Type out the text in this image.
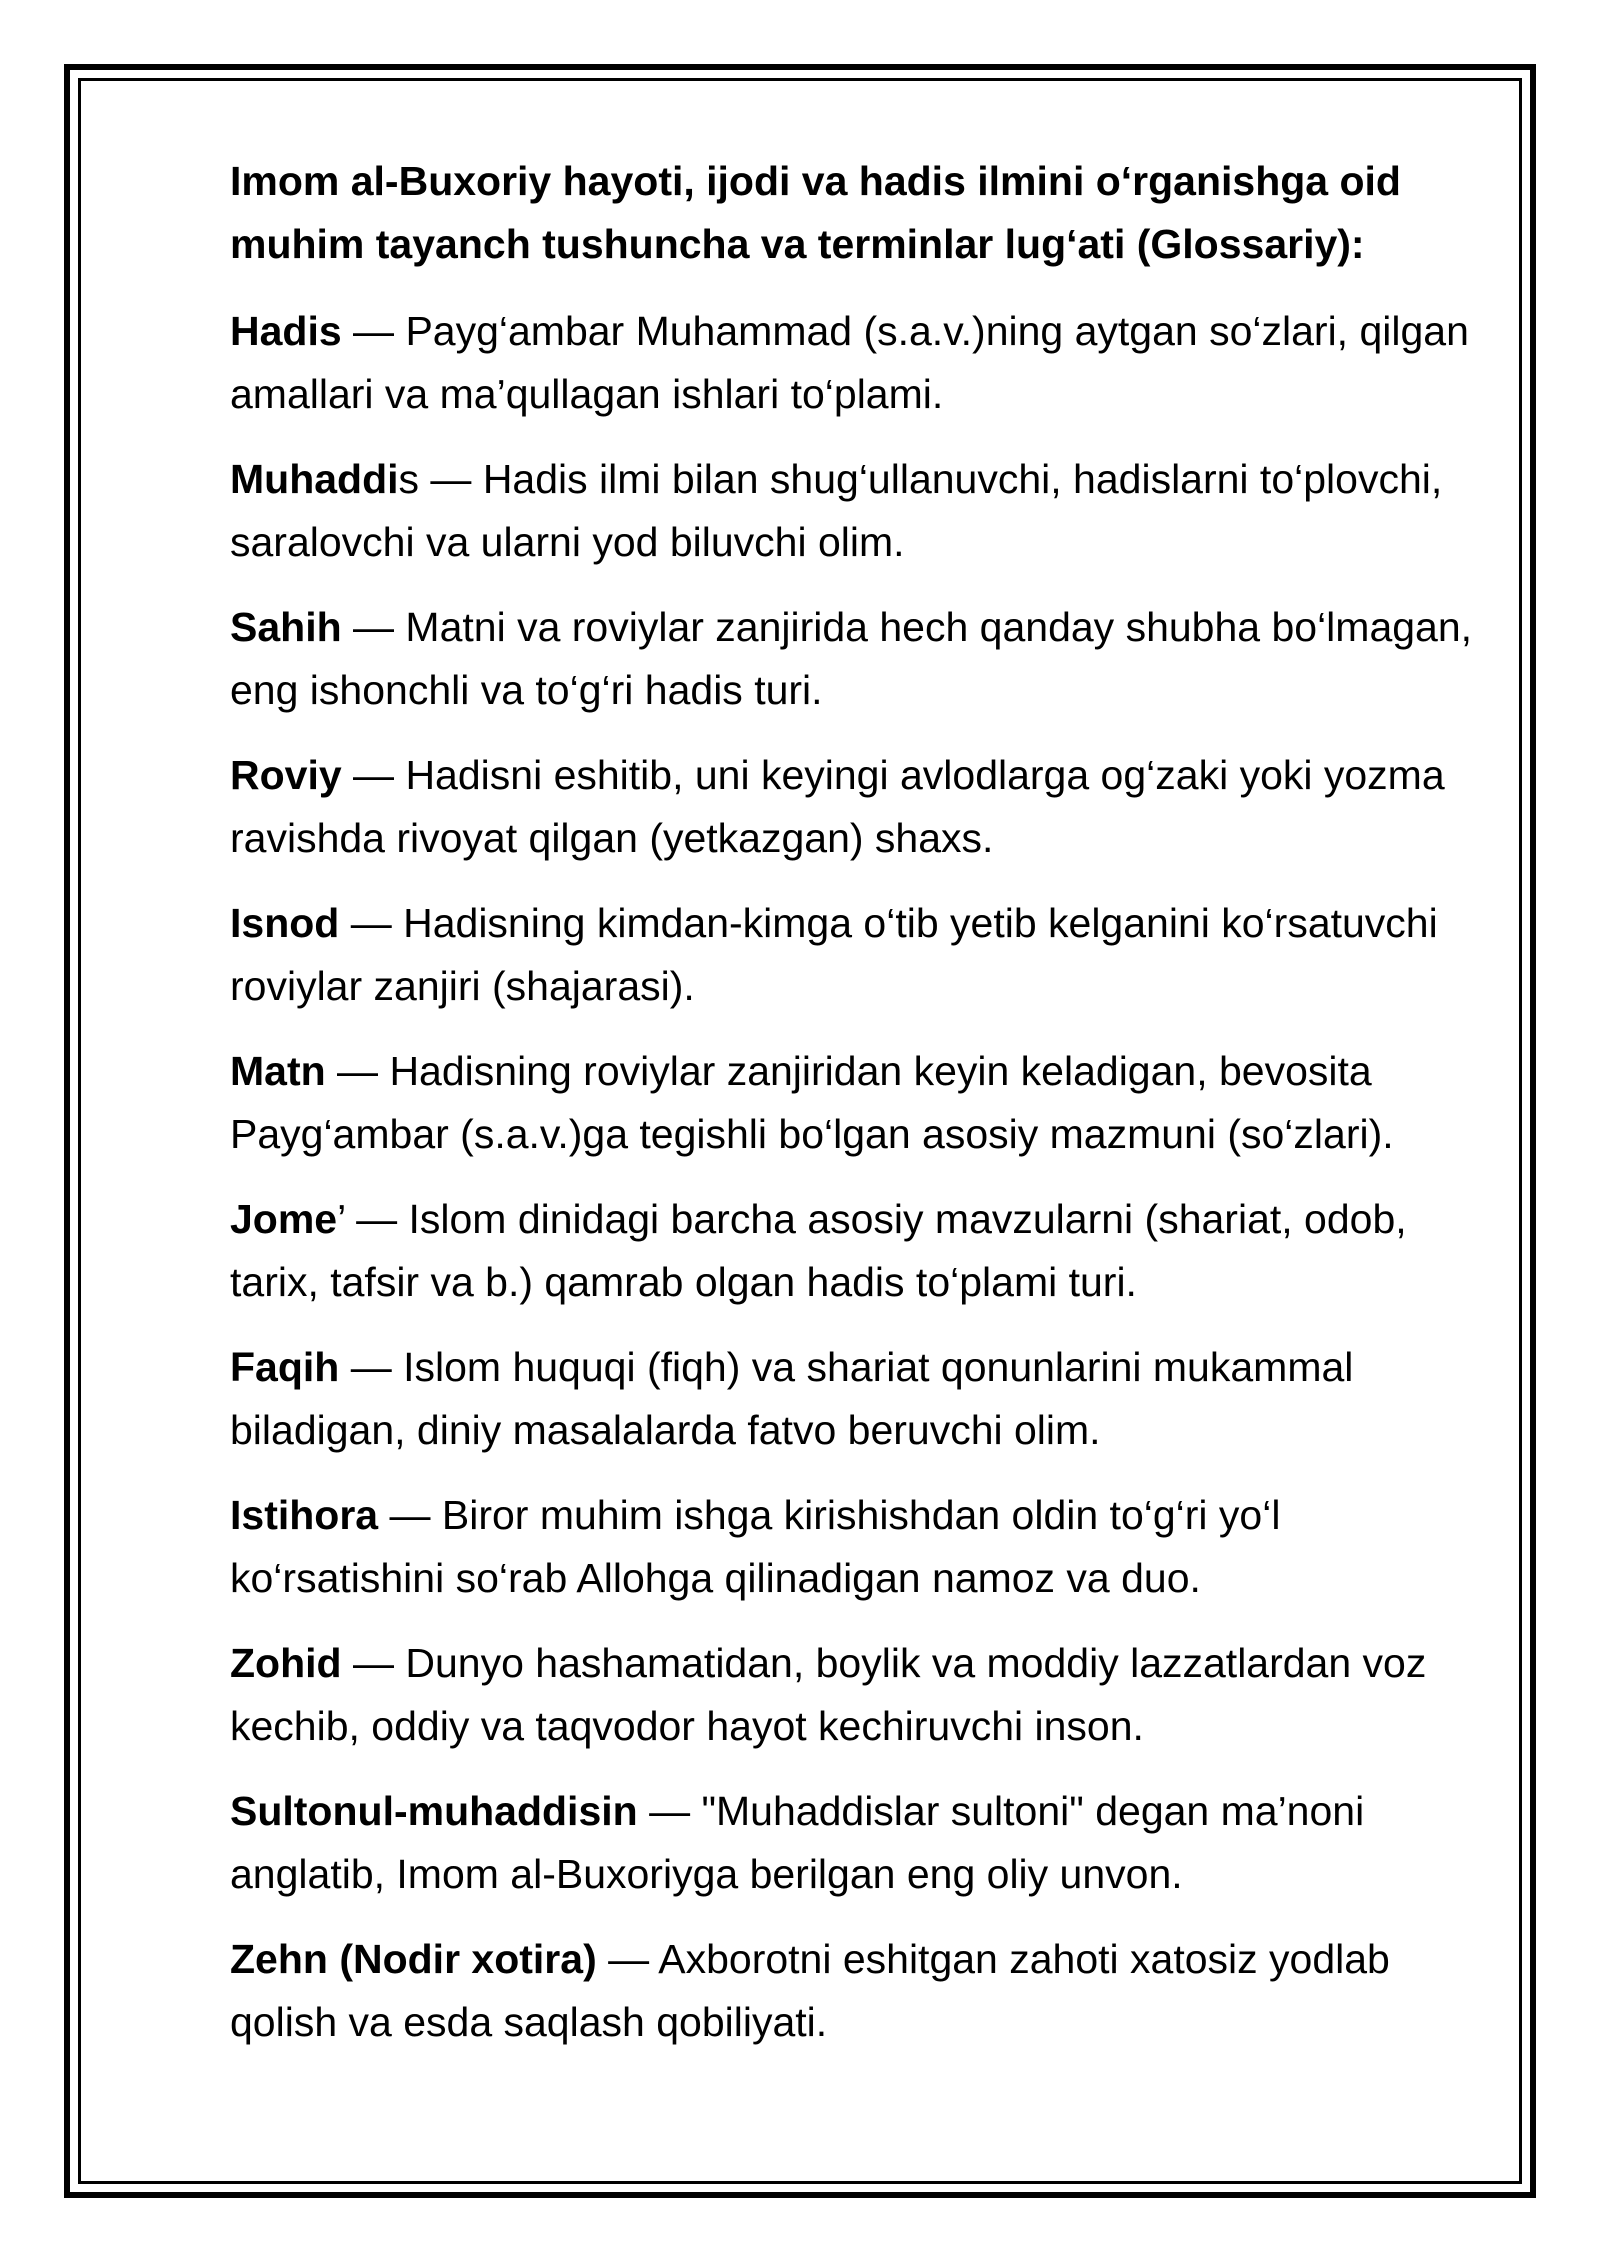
Imom al-Buxoriy hayoti, ijodi va hadis ilmini o‘rganishga oid muhim tayanch tushuncha va terminlar lug‘ati (Glossariy):

Hadis — Payg‘ambar Muhammad (s.a.v.)ning aytgan so‘zlari, qilgan amallari va ma’qullagan ishlari to‘plami.

Muhaddis — Hadis ilmi bilan shug‘ullanuvchi, hadislarni to‘plovchi, saralovchi va ularni yod biluvchi olim.

Sahih — Matni va roviylar zanjirida hech qanday shubha bo‘lmagan, eng ishonchli va to‘g‘ri hadis turi.

Roviy — Hadisni eshitib, uni keyingi avlodlarga og‘zaki yoki yozma ravishda rivoyat qilgan (yetkazgan) shaxs.

Isnod — Hadisning kimdan-kimga o‘tib yetib kelganini ko‘rsatuvchi roviylar zanjiri (shajarasi).

Matn — Hadisning roviylar zanjiridan keyin keladigan, bevosita Payg‘ambar (s.a.v.)ga tegishli bo‘lgan asosiy mazmuni (so‘zlari).

Jome’ — Islom dinidagi barcha asosiy mavzularni (shariat, odob, tarix, tafsir va b.) qamrab olgan hadis to‘plami turi.

Faqih — Islom huquqi (fiqh) va shariat qonunlarini mukammal biladigan, diniy masalalarda fatvo beruvchi olim.

Istihora — Biror muhim ishga kirishishdan oldin to‘g‘ri yo‘l ko‘rsatishini so‘rab Allohga qilinadigan namoz va duo.

Zohid — Dunyo hashamatidan, boylik va moddiy lazzatlardan voz kechib, oddiy va taqvodor hayot kechiruvchi inson.

Sultonul-muhaddisin — "Muhaddislar sultoni" degan ma’noni anglatib, Imom al-Buxoriyga berilgan eng oliy unvon.

Zehn (Nodir xotira) — Axborotni eshitgan zahoti xatosiz yodlab qolish va esda saqlash qobiliyati.
